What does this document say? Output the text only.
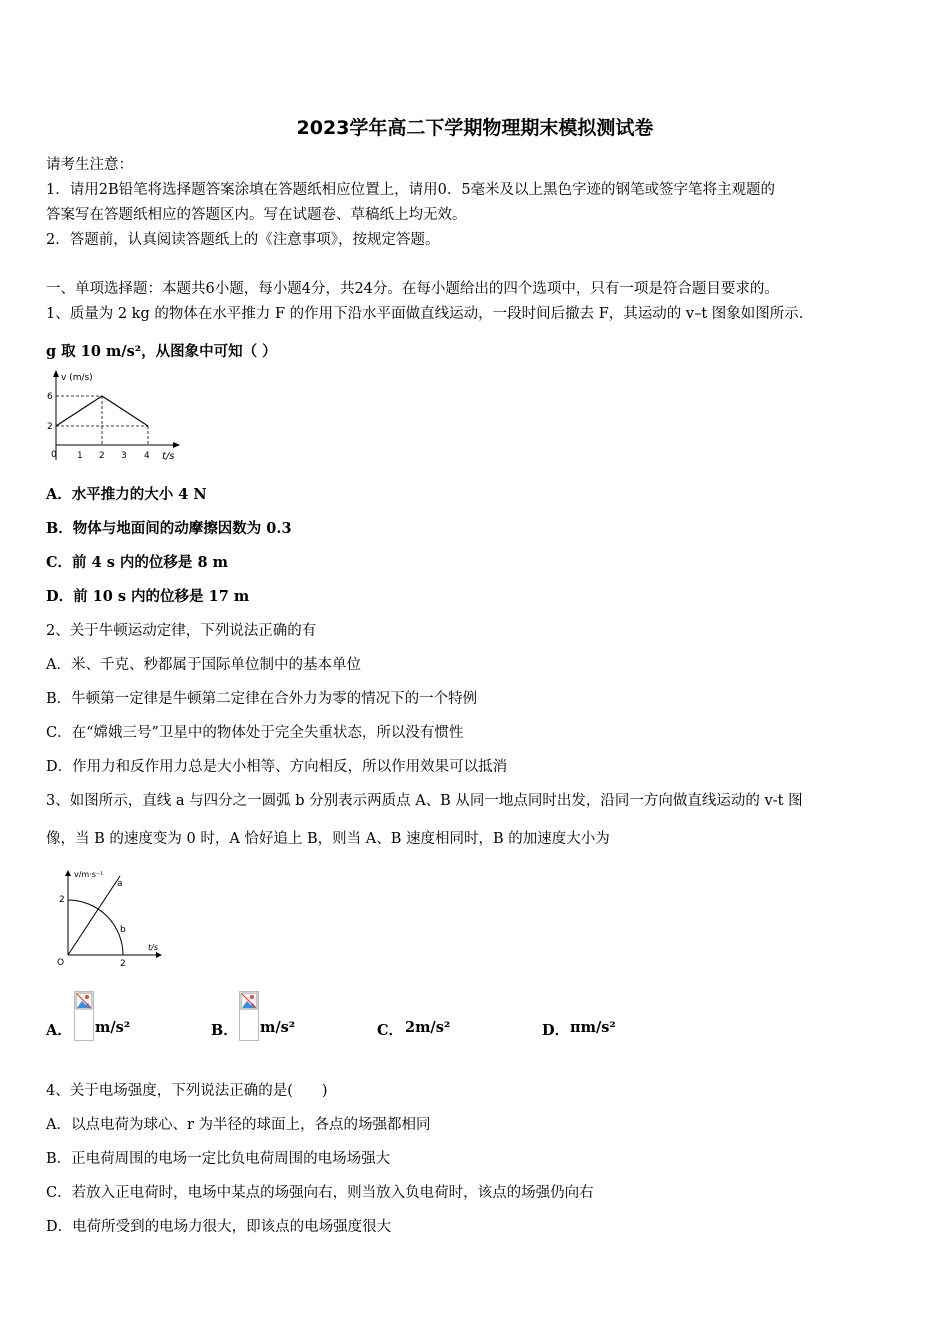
2023学年高二下学期物理期末模拟测试卷
请考生注意：
1．请用2B铅笔将选择题答案涂填在答题纸相应位置上，请用0．5毫米及以上黑色字迹的钢笔或签字笔将主观题的
答案写在答题纸相应的答题区内。写在试题卷、草稿纸上均无效。
2．答题前，认真阅读答题纸上的《注意事项》，按规定答题。
一、单项选择题：本题共6小题，每小题4分，共24分。在每小题给出的四个选项中，只有一项是符合题目要求的。
1、质量为 2 kg 的物体在水平推力 F 的作用下沿水平面做直线运动，一段时间后撤去 F，其运动的 v–t 图象如图所示.
g 取 10 m/s²，从图象中可知（ ）
v (m/s)
t/s
6
2
0 1 2 3 4
A．水平推力的大小 4 N
B．物体与地面间的动摩擦因数为 0.3
C．前 4 s 内的位移是 8 m
D．前 10 s 内的位移是 17 m
2、关于牛顿运动定律，下列说法正确的有
A．米、千克、秒都属于国际单位制中的基本单位
B．牛顿第一定律是牛顿第二定律在合外力为零的情况下的一个特例
C．在“嫦娥三号”卫星中的物体处于完全失重状态，所以没有惯性
D．作用力和反作用力总是大小相等、方向相反，所以作用效果可以抵消
3、如图所示，直线 a 与四分之一圆弧 b 分别表示两质点 A、B 从同一地点同时出发，沿同一方向做直线运动的 v-t 图
像，当 B 的速度变为 0 时，A 恰好追上 B，则当 A、B 速度相同时，B 的加速度大小为
v/m·s⁻¹
t/s
2
O	2
a
b
A． m/s²	B． m/s²	C． 2m/s²	D． πm/s²
4、关于电场强度，下列说法正确的是(　　)
A．以点电荷为球心、r 为半径的球面上，各点的场强都相同
B．正电荷周围的电场一定比负电荷周围的电场场强大
C．若放入正电荷时，电场中某点的场强向右，则当放入负电荷时，该点的场强仍向右
D．电荷所受到的电场力很大，即该点的电场强度很大
